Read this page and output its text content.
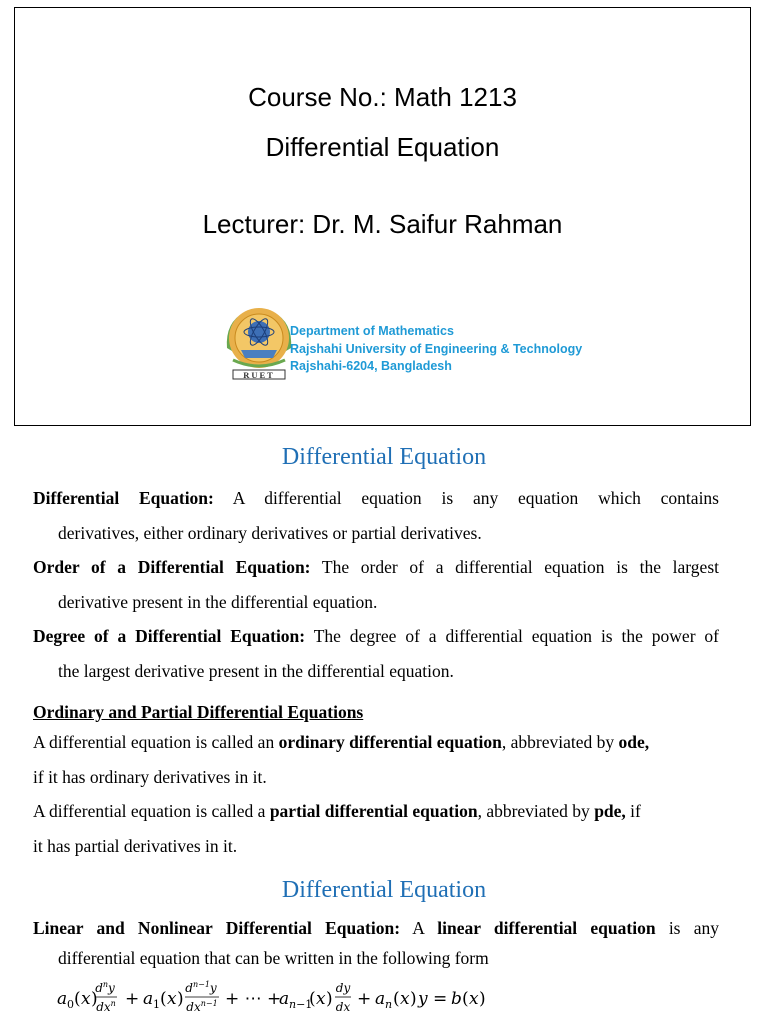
Course No.: Math 1213
Differential Equation
Lecturer: Dr. M. Saifur Rahman
RUET
Department of Mathematics
Rajshahi University of Engineering & Technology
Rajshahi-6204, Bangladesh
Differential Equation
Differential Equation: A differential equation is any equation which contains
derivatives, either ordinary derivatives or partial derivatives.
Order of a Differential Equation: The order of a differential equation is the largest
derivative present in the differential equation.
Degree of a Differential Equation: The degree of a differential equation is the power of
the largest derivative present in the differential equation.
Ordinary and Partial Differential Equations
A differential equation is called an ordinary differential equation, abbreviated by ode,
if it has ordinary derivatives in it.
A differential equation is called a partial differential equation, abbreviated by pde, if
it has partial derivatives in it.
Differential Equation
Linear and Nonlinear Differential Equation: A linear differential equation is any
differential equation that can be written in the following form
a 0 ( x )
$d^ny$
$dx^n + a$ 1 ( x )
$d^{n-1}y$
$dx^{n-1}$ + ⋯ +
a n−1
( x )
dy
dx + a n ( x ) y = b ( x )
